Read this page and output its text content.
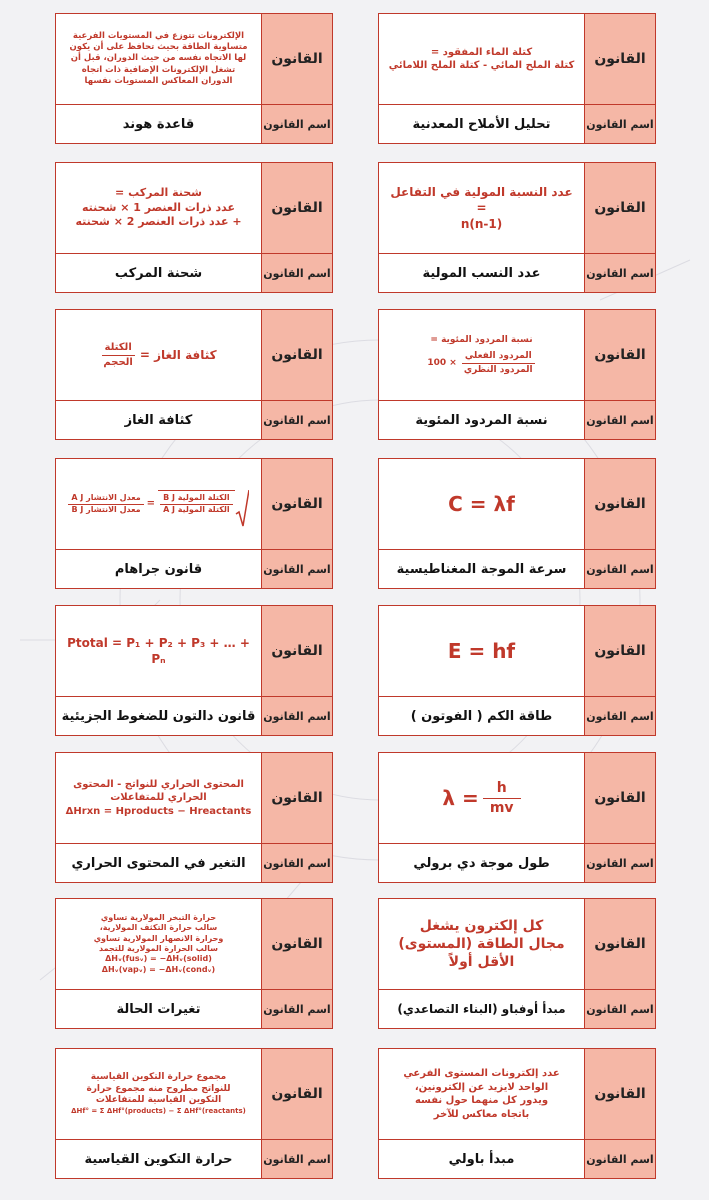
القانون
كتلة الماء المفقود =
كتلة الملح المائي - كتلة الملح اللامائي
اسم القانون
تحليل الأملاح المعدنية
القانون
عدد النسبة المولية في التفاعل =
n(n-1)
اسم القانون
عدد النسب المولية
القانون
نسبة المردود المئوية =
$\frac{\text{المردود الفعلي}}{\text{المردود النظري}}$
100 ×
اسم القانون
نسبة المردود المئوية
القانون
C = λf
اسم القانون
سرعة الموجة المغناطيسية
القانون
E = hf
اسم القانون
طاقة الكم ( الفوتون )
القانون
$\lambda = \frac{h}{mv}$
اسم القانون
طول موجة دي برولي
القانون
كل إلكترون يشغل
مجال الطاقة (المستوى)
الأقل أولاً
اسم القانون
مبدأ أوفباو (البناء التصاعدي)
القانون
عدد إلكترونات المستوى الفرعي
الواحد لايزيد عن إلكترونين،
ويدور كل منهما حول نفسه
باتجاه معاكس للآخر
اسم القانون
مبدأ باولي
القانون
الإلكترونات تتوزع في المستويات الفرعية
متساوية الطاقة بحيث تحافظ على أن يكون
لها الاتجاه نفسه من حيث الدوران، قبل أن
تشغل الإلكترونات الإضافية ذات اتجاه
الدوران المعاكس المستويات نفسها
اسم القانون
قاعدة هوند
القانون
شحنة المركب =
عدد ذرات العنصر 1 × شحنته
+ عدد ذرات العنصر 2 × شحنته
اسم القانون
شحنة المركب
القانون
كثافة الغاز =
$\frac{\text{الكتلة}}{\text{الحجم}}$
اسم القانون
كثافة الغاز
القانون
$\frac{\text{الكتلة المولية B J}}{\text{الكتلة المولية A J}}$
=
$\frac{\text{معدل الانتشار A J}}{\text{معدل الانتشار B J}}$
اسم القانون
قانون جراهام
القانون
Ptotal = P₁ + P₂ + P₃ + … + Pₙ
اسم القانون
قانون دالتون للضغوط الجزيئية
القانون
المحتوى الحراري للنواتج - المحتوى
الحراري للمتفاعلات
ΔHrxn = Hproducts − Hreactants
اسم القانون
التغير في المحتوى الحراري
القانون
حرارة التبخر المولارية تساوي
سالب حرارة التكثف المولارية،
وحرارة الانصهار المولارية تساوي
سالب الحرارة المولارية للتجمد
ΔHᵥ(fusᵥ) = −ΔHᵥ(solid)
ΔHᵥ(vapᵥ) = −ΔHᵥ(condᵥ)
اسم القانون
تغيرات الحالة
القانون
مجموع حرارة التكوين القياسية
للنواتج مطروح منه مجموع حرارة
التكوين القياسية للمتفاعلات
ΔHf° = Σ ΔHf°(products) − Σ ΔHf°(reactants)
اسم القانون
حرارة التكوين القياسية
